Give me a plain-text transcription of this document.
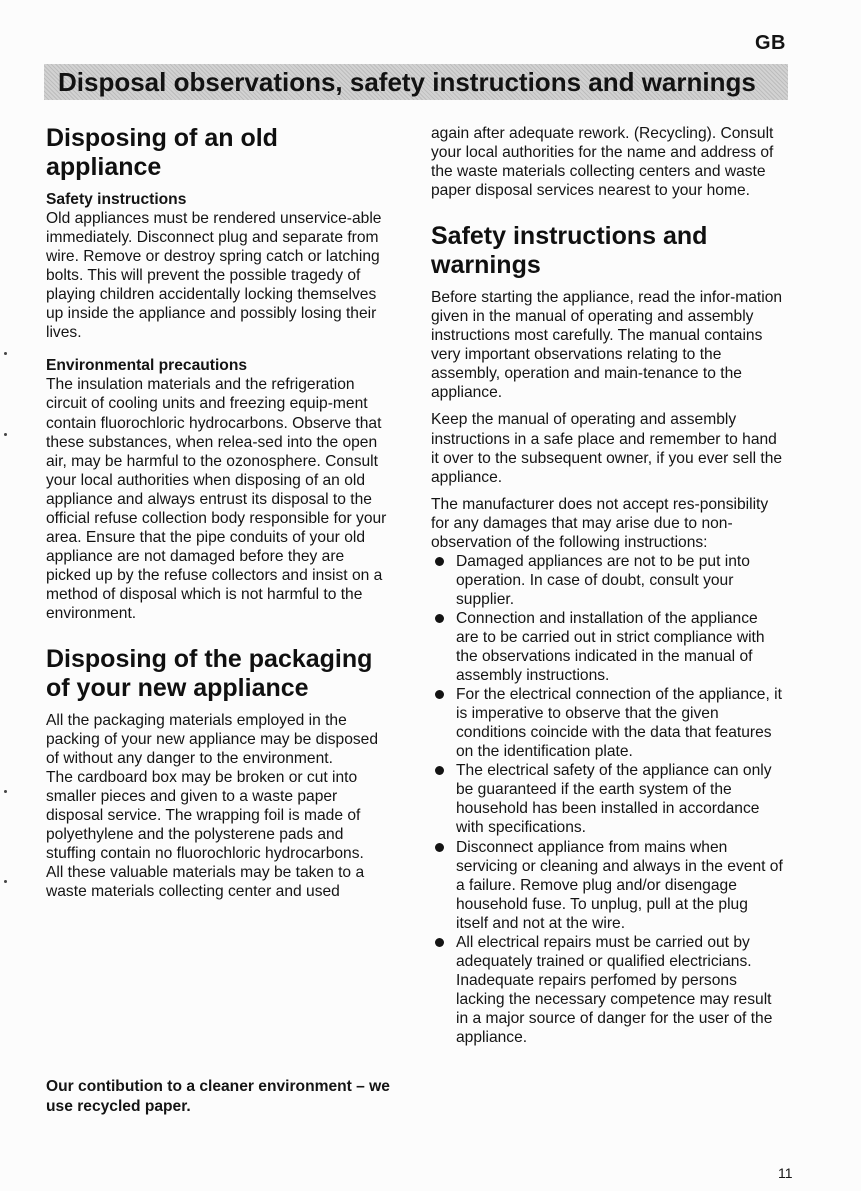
GB
Disposal observations, safety instructions and warnings
Disposing of an old appliance
Safety instructions

Old appliances must be rendered unservice-able immediately. Disconnect plug and separate from wire. Remove or destroy spring catch or latching bolts. This will prevent the possible tragedy of playing children accidentally locking themselves up inside the appliance and possibly losing their lives.

Environmental precautions

The insulation materials and the refrigeration circuit of cooling units and freezing equip-ment contain fluorochloric hydrocarbons. Observe that these substances, when relea-sed into the open air, may be harmful to the ozonosphere. Consult your local authorities when disposing of an old appliance and always entrust its disposal to the official refuse collection body responsible for your area. Ensure that the pipe conduits of your old appliance are not damaged before they are picked up by the refuse collectors and insist on a method of disposal which is not harmful to the environment.

Disposing of the packaging of your new appliance

All the packaging materials employed in the packing of your new appliance may be disposed of without any danger to the environment.

The cardboard box may be broken or cut into smaller pieces and given to a waste paper disposal service. The wrapping foil is made of polyethylene and the polysterene pads and stuffing contain no fluorochloric hydrocarbons.

All these valuable materials may be taken to a waste materials collecting center and used

again after adequate rework. (Recycling). Consult your local authorities for the name and address of the waste materials collecting centers and waste paper disposal services nearest to your home.

Safety instructions and warnings

Before starting the appliance, read the infor-mation given in the manual of operating and assembly instructions most carefully. The manual contains very important observations relating to the assembly, operation and main-tenance to the appliance.

Keep the manual of operating and assembly instructions in a safe place and remember to hand it over to the subsequent owner, if you ever sell the appliance.

The manufacturer does not accept res-ponsibility for any damages that may arise due to non-observation of the following instructions:

Damaged appliances are not to be put into operation. In case of doubt, consult your supplier.
Connection and installation of the appliance are to be carried out in strict compliance with the observations indicated in the manual of assembly instructions.
For the electrical connection of the appliance, it is imperative to observe that the given conditions coincide with the data that features on the identification plate.
The electrical safety of the appliance can only be guaranteed if the earth system of the household has been installed in accordance with specifications.
Disconnect appliance from mains when servicing or cleaning and always in the event of a failure. Remove plug and/or disengage household fuse. To unplug, pull at the plug itself and not at the wire.
All electrical repairs must be carried out by adequately trained or qualified electricians. Inadequate repairs perfomed by persons lacking the necessary competence may result in a major source of danger for the user of the appliance.
Our contibution to a cleaner environment – we use recycled paper.
11
